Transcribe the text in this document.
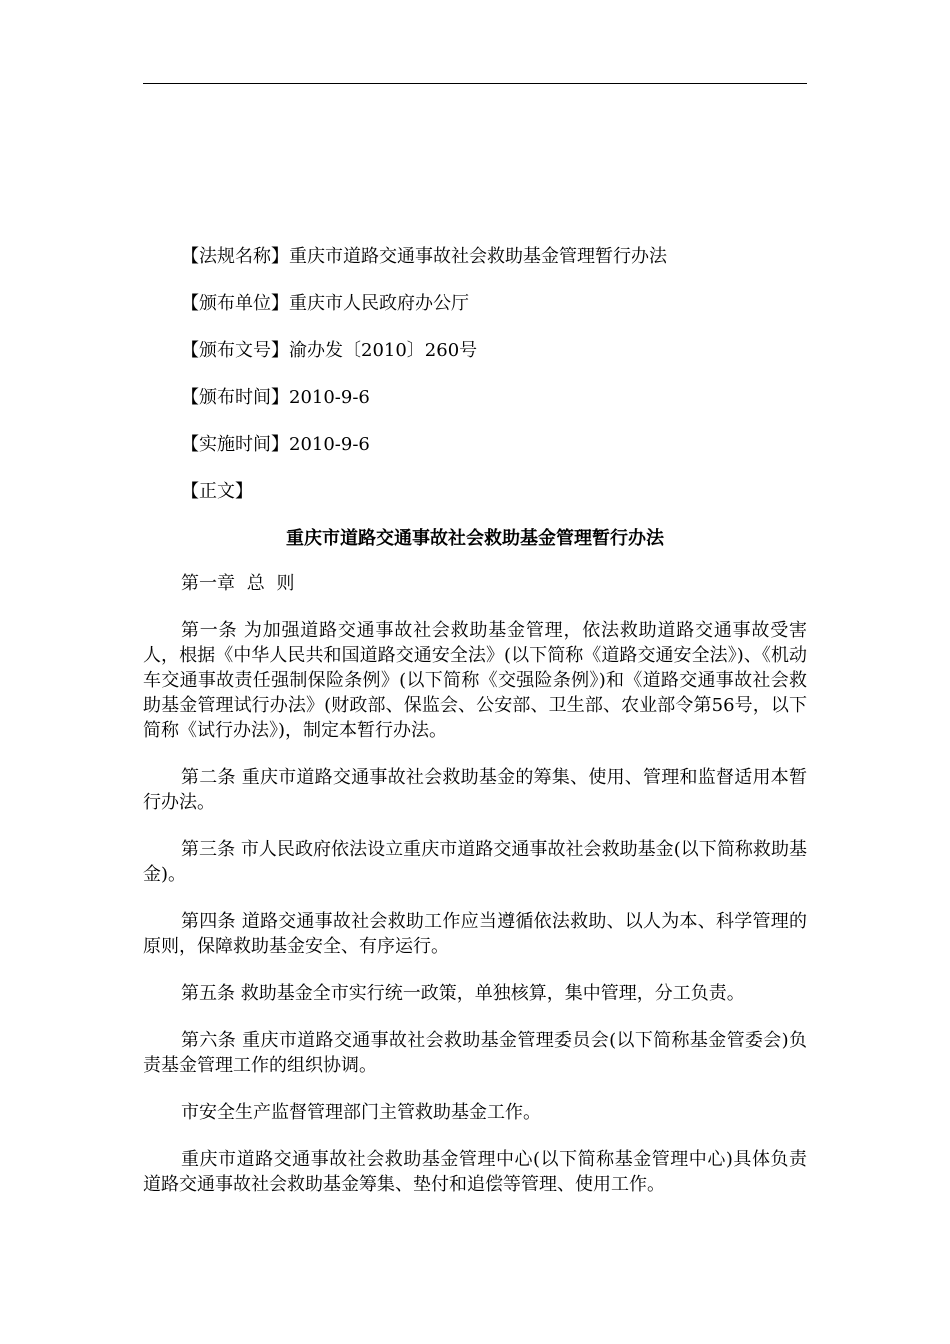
【法规名称】重庆市道路交通事故社会救助基金管理暂行办法
【颁布单位】重庆市人民政府办公厅
【颁布文号】渝办发〔2010〕260号
【颁布时间】2010-9-6
【实施时间】2010-9-6
【正文】
重庆市道路交通事故社会救助基金管理暂行办法
第一章 总 则

第一条 为加强道路交通事故社会救助基金管理，依法救助道路交通事故受害人，根据《中华人民共和国道路交通安全法》(以下简称《道路交通安全法》)、《机动车交通事故责任强制保险条例》(以下简称《交强险条例》)和《道路交通事故社会救助基金管理试行办法》(财政部、保监会、公安部、卫生部、农业部令第56号，以下简称《试行办法》)，制定本暂行办法。

第二条 重庆市道路交通事故社会救助基金的筹集、使用、管理和监督适用本暂行办法。

第三条 市人民政府依法设立重庆市道路交通事故社会救助基金(以下简称救助基金)。

第四条 道路交通事故社会救助工作应当遵循依法救助、以人为本、科学管理的原则，保障救助基金安全、有序运行。

第五条 救助基金全市实行统一政策，单独核算，集中管理，分工负责。

第六条 重庆市道路交通事故社会救助基金管理委员会(以下简称基金管委会)负责基金管理工作的组织协调。

市安全生产监督管理部门主管救助基金工作。

重庆市道路交通事故社会救助基金管理中心(以下简称基金管理中心)具体负责道路交通事故社会救助基金筹集、垫付和追偿等管理、使用工作。
